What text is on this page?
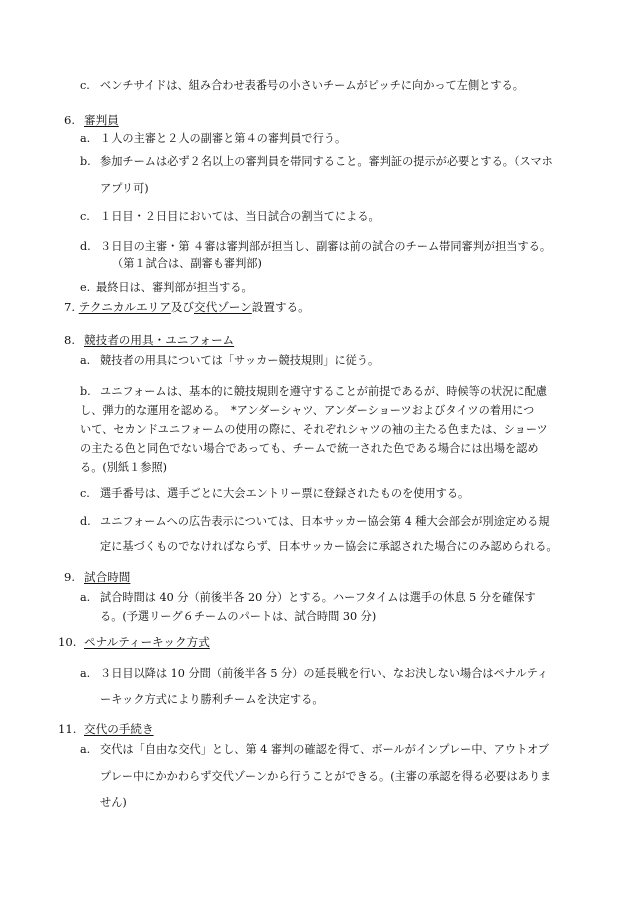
c. ベンチサイドは、組み合わせ表番号の小さいチームがピッチに向かって左側とする。
6. 審判員
a. １人の主審と２人の副審と第４の審判員で行う。
b. 参加チームは必ず２名以上の審判員を帯同すること。審判証の提示が必要とする。（スマホ
アプリ可)
c. １日目・２日目においては、当日試合の割当てによる。
d. ３日目の主審・第 ４審は審判部が担当し、副審は前の試合のチーム帯同審判が担当する。
（第１試合は、副審も審判部)
e. 最終日は、審判部が担当する。
7. テクニカルエリア及び交代ゾーン設置する。
8. 競技者の用具・ユニフォーム
a. 競技者の用具については「サッカー競技規則」に従う。
b. ユニフォームは、基本的に競技規則を遵守することが前提であるが、時候等の状況に配慮
し、弾力的な運用を認める。　*アンダーシャツ、アンダーショーツおよびタイツの着用につ
いて、セカンドユニフォームの使用の際に、それぞれシャツの袖の主たる色または、ショーツ
の主たる色と同色でない場合であっても、チームで統一された色である場合には出場を認め
る。(別紙１参照)
c. 選手番号は、選手ごとに大会エントリー票に登録されたものを使用する。
d. ユニフォームへの広告表示については、日本サッカー協会第 4 種大会部会が別途定める規
定に基づくものでなければならず、日本サッカー協会に承認された場合にのみ認められる。
9. 試合時間
a. 試合時間は 40 分（前後半各 20 分）とする。ハーフタイムは選手の休息 5 分を確保す
る。(予選リーグ６チームのパートは、試合時間 30 分)
10. ペナルティーキック方式
a. ３日目以降は 10 分間（前後半各 5 分）の延長戦を行い、なお決しない場合はペナルティ
ーキック方式により勝利チームを決定する。
11. 交代の手続き
a. 交代は「自由な交代」とし、第 4 審判の確認を得て、ボールがインプレー中、アウトオブ
プレー中にかかわらず交代ゾーンから行うことができる。(主審の承認を得る必要はありま
せん)
